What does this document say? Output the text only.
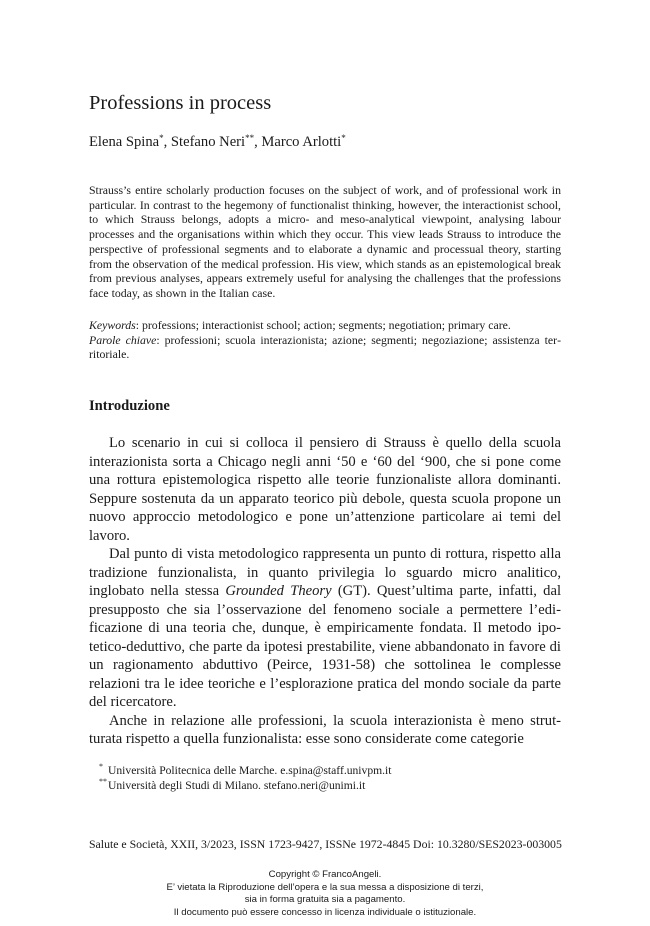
Professions in process
Elena Spina*, Stefano Neri**, Marco Arlotti*

Strauss’s entire scholarly production focuses on the subject of work, and of professional work in particular. In contrast to the hegemony of functionalist thinking, however, the interactionist school, to which Strauss belongs, adopts a micro- and meso-analytical viewpoint, analysing labour processes and the organisations within which they occur. This view leads Strauss to introduce the perspective of professional segments and to elaborate a dynamic and processual theory, starting from the observation of the medical profession. His view, which stands as an epistemological break from previous analyses, appears extremely useful for analysing the challenges that the professions face today, as shown in the Italian case.

Keywords: professions; interactionist school; action; segments; negotiation; primary care.

Parole chiave: professioni; scuola interazionista; azione; segmenti; negoziazione; assistenza territoriale.

Introduzione

Lo scenario in cui si colloca il pensiero di Strauss è quello della scuola interazionista sorta a Chicago negli anni ‘50 e ‘60 del ‘900, che si pone come una rottura epistemologica rispetto alle teorie funzionaliste allora dominanti. Seppure sostenuta da un apparato teorico più debole, questa scuola propone un nuovo approccio metodologico e pone un’attenzione particolare ai temi del lavoro.

Dal punto di vista metodologico rappresenta un punto di rottura, rispetto alla tradizione funzionalista, in quanto privilegia lo sguardo micro analitico, inglobato nella stessa Grounded Theory (GT). Quest’ultima parte, infatti, dal presupposto che sia l’osservazione del fenomeno sociale a permettere l’edificazione di una teoria che, dunque, è empiricamente fondata. Il metodo ipotetico-deduttivo, che parte da ipotesi prestabilite, viene abbandonato in favore di un ragionamento abduttivo (Peirce, 1931-58) che sottolinea le complesse relazioni tra le idee teoriche e l’esplorazione pratica del mondo sociale da parte del ricercatore.

Anche in relazione alle professioni, la scuola interazionista è meno strutturata rispetto a quella funzionalista: esse sono considerate come categorie

* Università Politecnica delle Marche. e.spina@staff.univpm.it
** Università degli Studi di Milano. stefano.neri@unimi.it
Salute e Società, XXII, 3/2023, ISSN 1723-9427, ISSNe 1972-4845 Doi: 10.3280/SES2023-003005
Copyright © FrancoAngeli.
E’ vietata la Riproduzione dell’opera e la sua messa a disposizione di terzi,
sia in forma gratuita sia a pagamento.
Il documento può essere concesso in licenza individuale o istituzionale.
